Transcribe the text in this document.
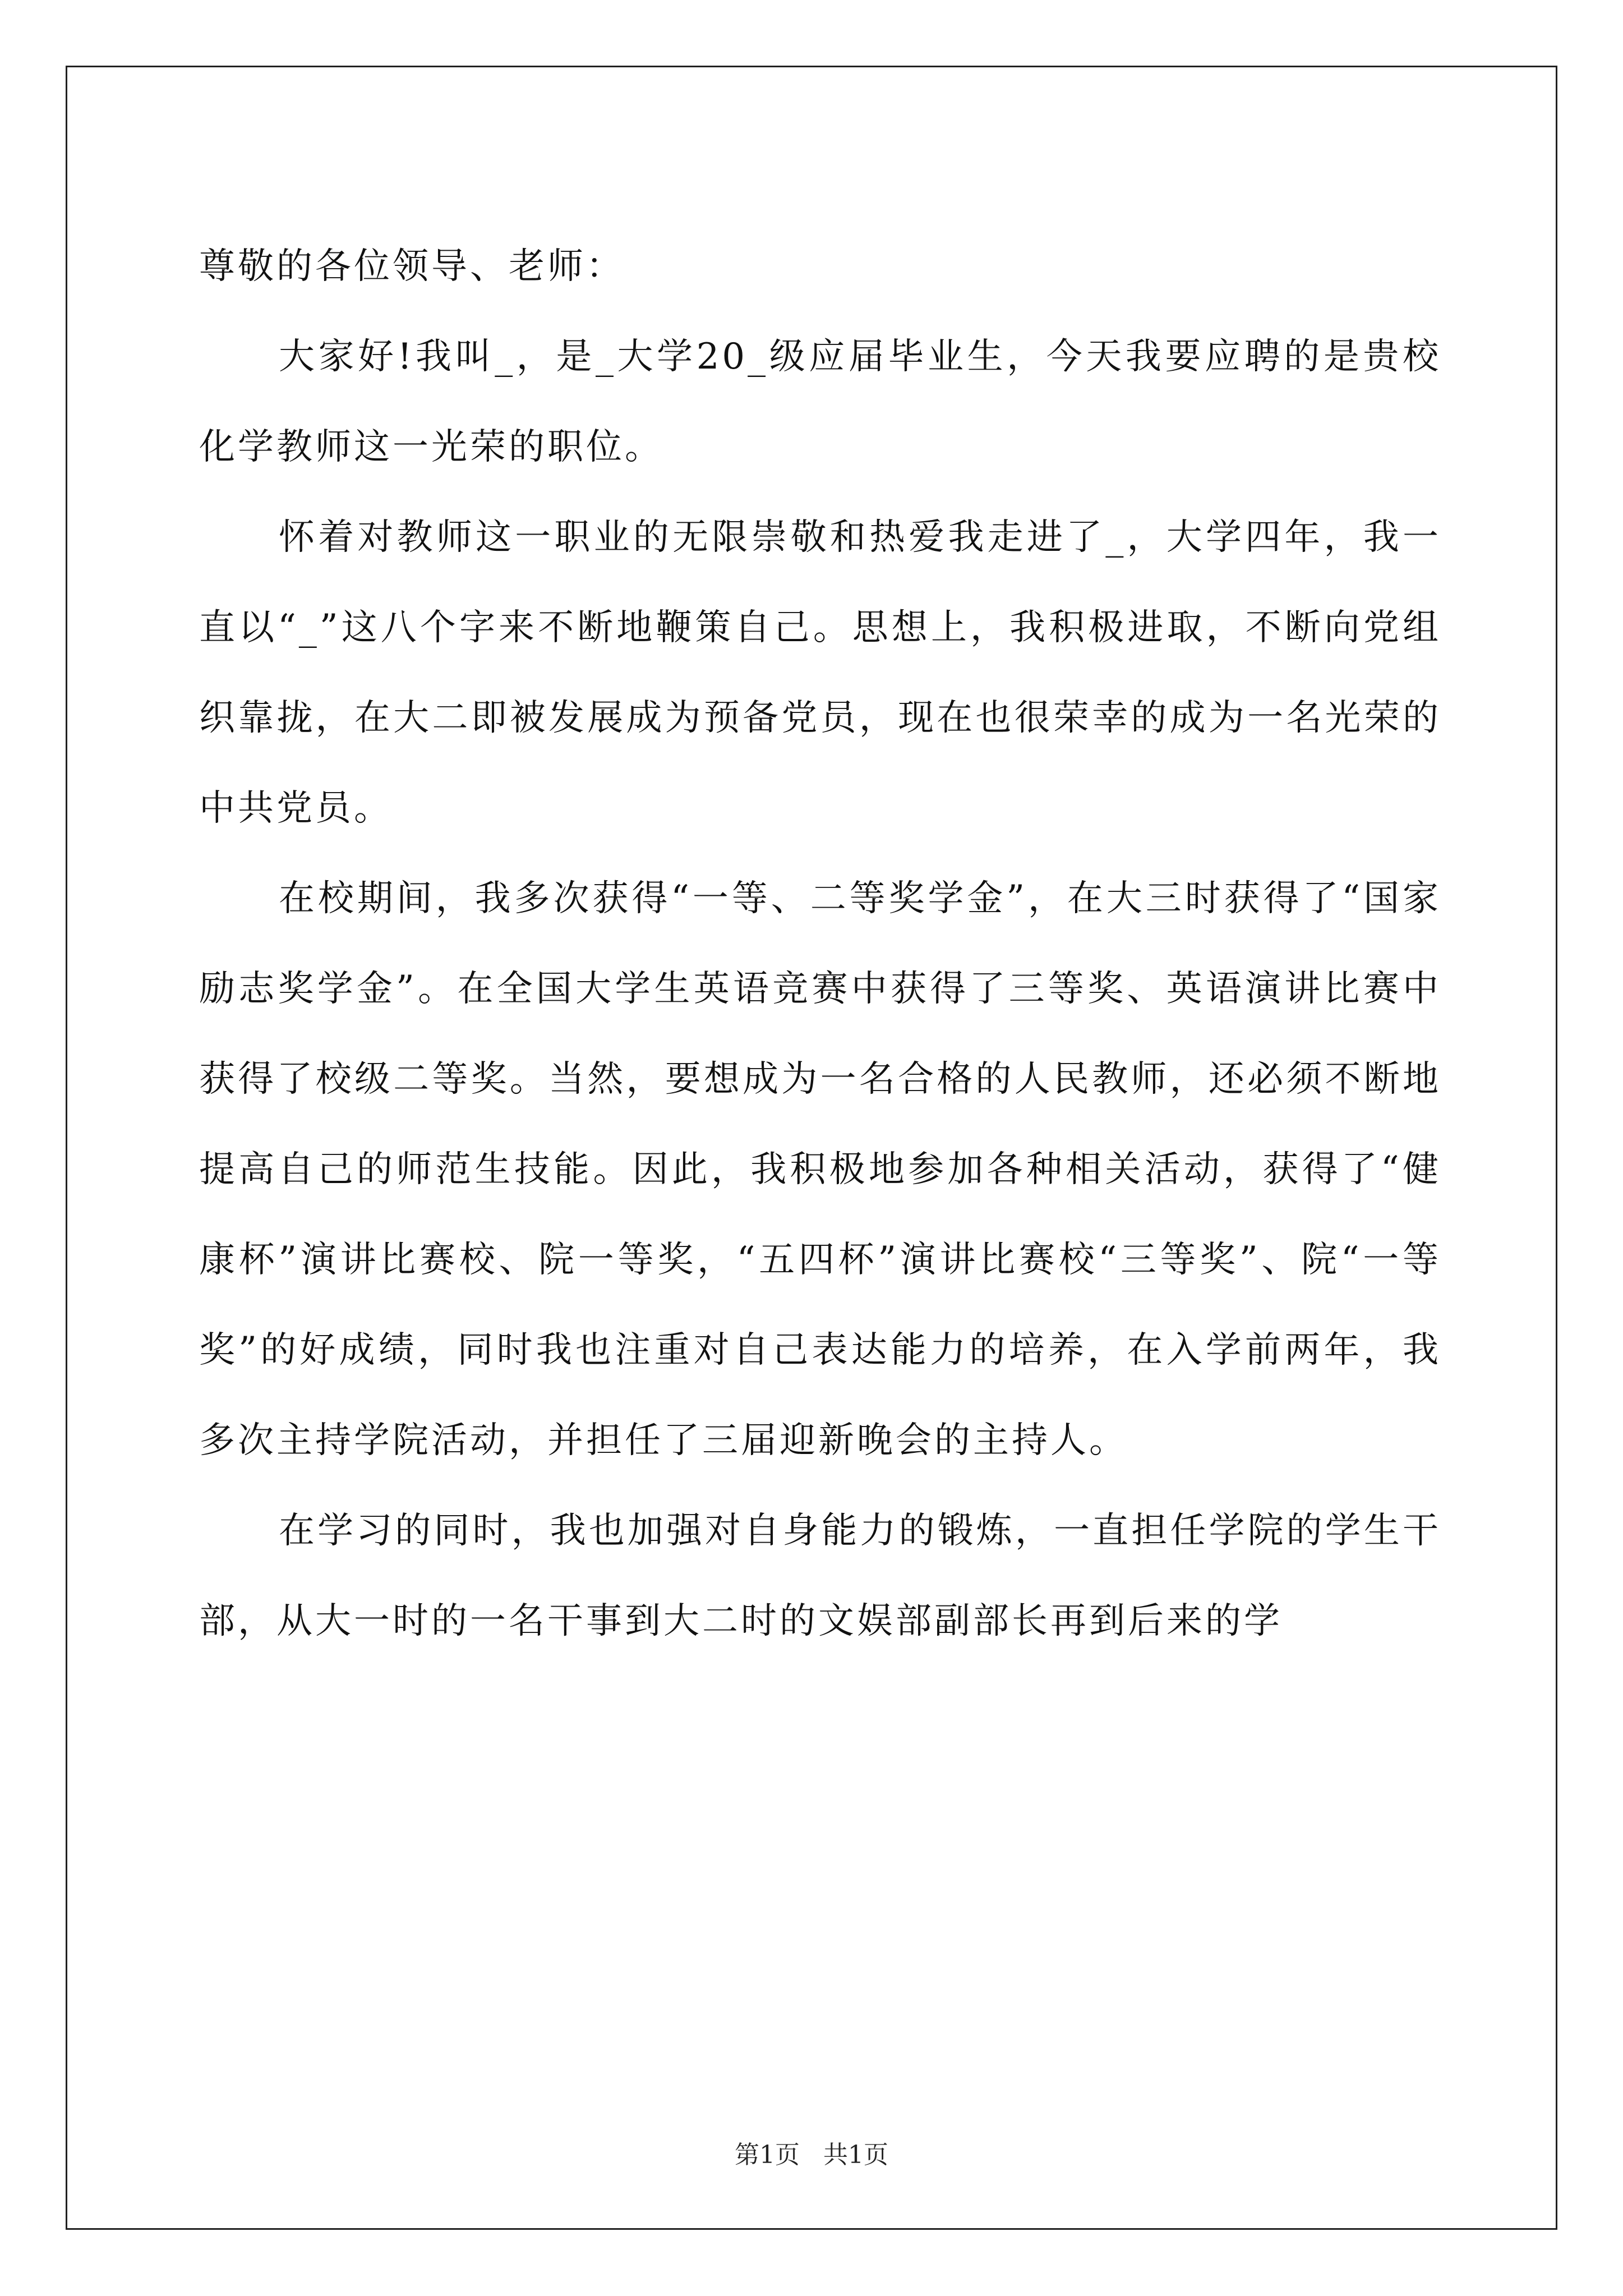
尊敬的各位领导、老师：

大家好!我叫_，是_大学20_级应届毕业生，今天我要应聘的是贵校化学教师这一光荣的职位。

怀着对教师这一职业的无限崇敬和热爱我走进了_，大学四年，我一直以“_”这八个字来不断地鞭策自己。思想上，我积极进取，不断向党组织靠拢，在大二即被发展成为预备党员，现在也很荣幸的成为一名光荣的中共党员。

在校期间，我多次获得“一等、二等奖学金”，在大三时获得了“国家励志奖学金”。在全国大学生英语竞赛中获得了三等奖、英语演讲比赛中获得了校级二等奖。当然，要想成为一名合格的人民教师，还必须不断地提高自己的师范生技能。因此，我积极地参加各种相关活动，获得了“健康杯”演讲比赛校、院一等奖，“五四杯”演讲比赛校“三等奖”、院“一等奖”的好成绩，同时我也注重对自己表达能力的培养，在入学前两年，我多次主持学院活动，并担任了三届迎新晚会的主持人。

在学习的同时，我也加强对自身能力的锻炼，一直担任学院的学生干部，从大一时的一名干事到大二时的文娱部副部长再到后来的学

第1页   共1页
